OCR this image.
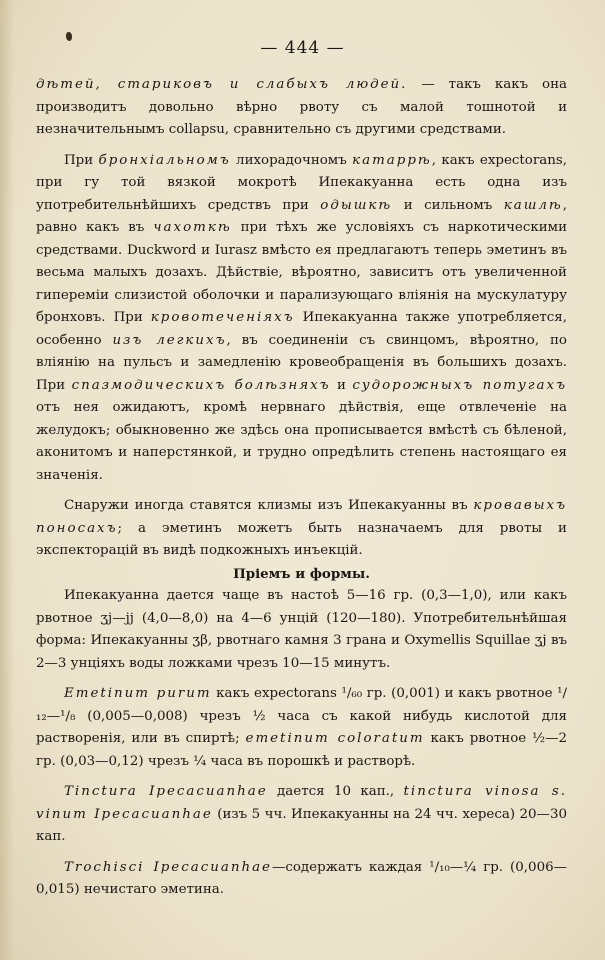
— 444 —

дѣтей, стариковъ и слабыхъ людей. — такъ какъ она производитъ довольно вѣрно рвоту съ малой тошнотой и незначительнымъ collapsu, сравнительно съ другими средствами.

При бронхіальномъ лихорадочномъ катаррѣ, какъ expectorans, при гу той вязкой мокротѣ Ипекакуанна есть одна изъ употребительнѣйшихъ средствъ при одышкѣ и сильномъ кашлѣ, равно какъ въ чахоткѣ при тѣхъ же условіяхъ съ наркотическими средствами. Duckword и Iurasz вмѣсто ея предлагаютъ теперь эметинъ въ весьма малыхъ дозахъ. Дѣйствіе, вѣроятно, зависитъ отъ увеличенной гипереміи слизистой оболочки и парализующаго вліянія на мускулатуру бронховъ. При кровотеченіяхъ Ипекакуанна также употребляется, особенно изъ легкихъ, въ соединеніи съ свинцомъ, вѣроятно, по вліянію на пульсъ и замедленію кровеобращенія въ большихъ дозахъ. При спазмодическихъ болѣзняхъ и судорожныхъ потугахъ отъ нея ожидаютъ, кромѣ нервнаго дѣйствія, еще отвлеченіе на желудокъ; обыкновенно же здѣсь она прописывается вмѣстѣ съ бѣленой, аконитомъ и наперстянкой, и трудно опредѣлить степень настоящаго ея значенія.

Снаружи иногда ставятся клизмы изъ Ипекакуанны въ кровавыхъ поносахъ; а эметинъ можетъ быть назначаемъ для рвоты и экспекторацій въ видѣ подкожныхъ инъекцій.

Пріемъ и формы.

Ипекакуанна дается чаще въ настоѣ 5—16 гр. (0,3—1,0), или какъ рвотное ʒj—jj (4,0—8,0) на 4—6 унцій (120—180). Употребительнѣйшая форма: Ипекакуанны ʒβ, рвотнаго камня 3 грана и Oxymellis Squillae ʒj въ 2—3 унціяхъ воды ложками чрезъ 10—15 минутъ.

Emetinum purum какъ expectorans ¹/₆₀ гр. (0,001) и какъ рвотное ¹/₁₂—¹/₈ (0,005—0,008) чрезъ ½ часа съ какой нибудь кислотой для растворенія, или въ спиртѣ; emetinum coloratum какъ рвотное ½—2 гр. (0,03—0,12) чрезъ ¼ часа въ порошкѣ и растворѣ.

Tinctura Ipecacuanhae дается 10 кап., tinctura vinosa s. vinum Ipecacuanhae (изъ 5 чч. Ипекакуанны на 24 чч. хереса) 20—30 кап.

Trochisci Ipecacuanhae—содержатъ каждая ¹/₁₀—¼ гр. (0,006—0,015) нечистаго эметина.
